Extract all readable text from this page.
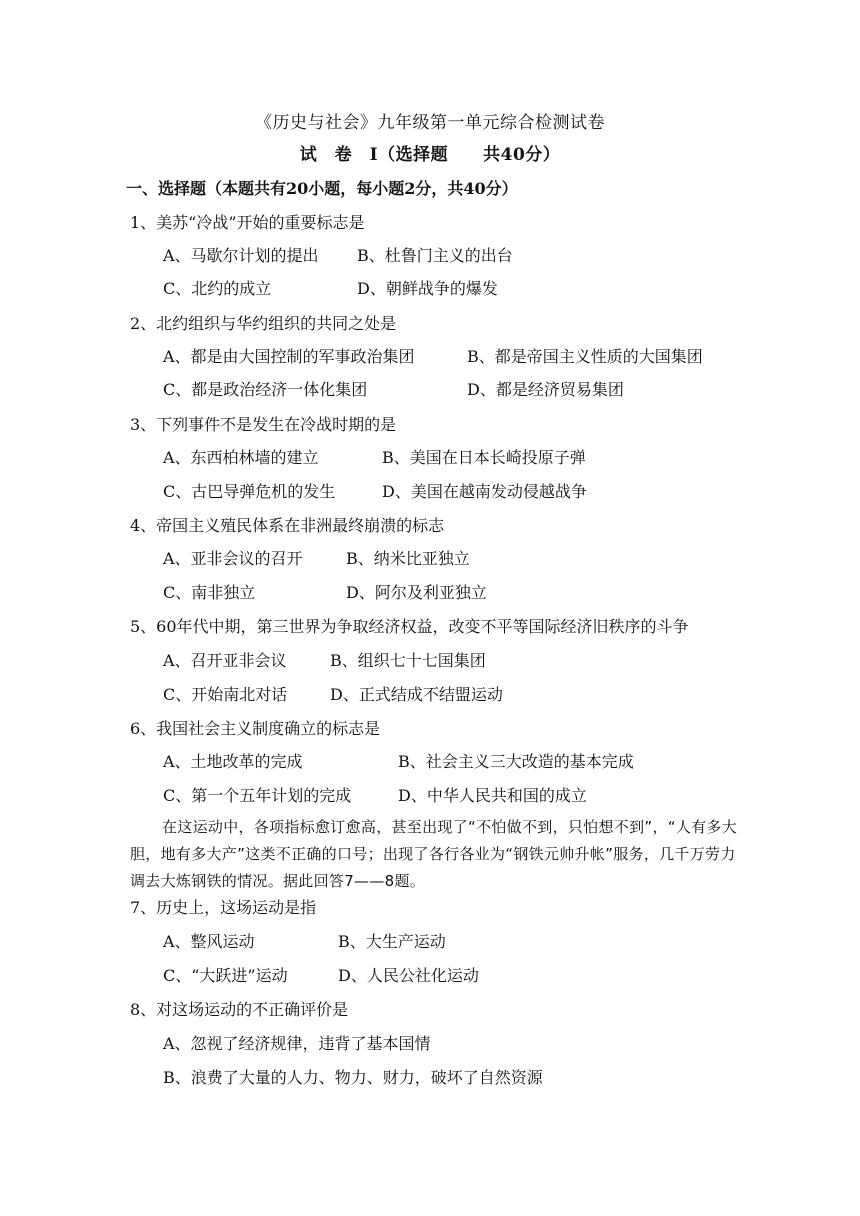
《历史与社会》九年级第一单元综合检测试卷
试　卷　Ⅰ（选择题　　共40分）
一、选择题（本题共有20小题，每小题2分，共40分）
1、美苏“冷战”开始的重要标志是
A、马歇尔计划的提出 B、杜鲁门主义的出台
C、北约的成立	D、朝鲜战争的爆发
2、北约组织与华约组织的共同之处是
A、都是由大国控制的军事政治集团	B、都是帝国主义性质的大国集团
C、都是政治经济一体化集团	D、都是经济贸易集团
3、下列事件不是发生在冷战时期的是
A、东西柏林墙的建立	B、美国在日本长崎投原子弹
C、古巴导弹危机的发生	D、美国在越南发动侵越战争
4、帝国主义殖民体系在非洲最终崩溃的标志
A、亚非会议的召开	B、纳米比亚独立
C、南非独立	D、阿尔及利亚独立
5、60年代中期，第三世界为争取经济权益，改变不平等国际经济旧秩序的斗争
A、召开亚非会议	B、组织七十七国集团
C、开始南北对话	D、正式结成不结盟运动
6、我国社会主义制度确立的标志是
A、土地改革的完成	B、社会主义三大改造的基本完成
C、第一个五年计划的完成	D、中华人民共和国的成立
在这运动中，各项指标愈订愈高，甚至出现了“不怕做不到，只怕想不到”，“人有多大胆，地有多大产”这类不正确的口号；出现了各行各业为“钢铁元帅升帐”服务，几千万劳力调去大炼钢铁的情况。据此回答7——8题。
7、历史上，这场运动是指
A、整风运动	B、大生产运动
C、“大跃进”运动	D、人民公社化运动
8、对这场运动的不正确评价是
A、忽视了经济规律，违背了基本国情
B、浪费了大量的人力、物力、财力，破坏了自然资源
